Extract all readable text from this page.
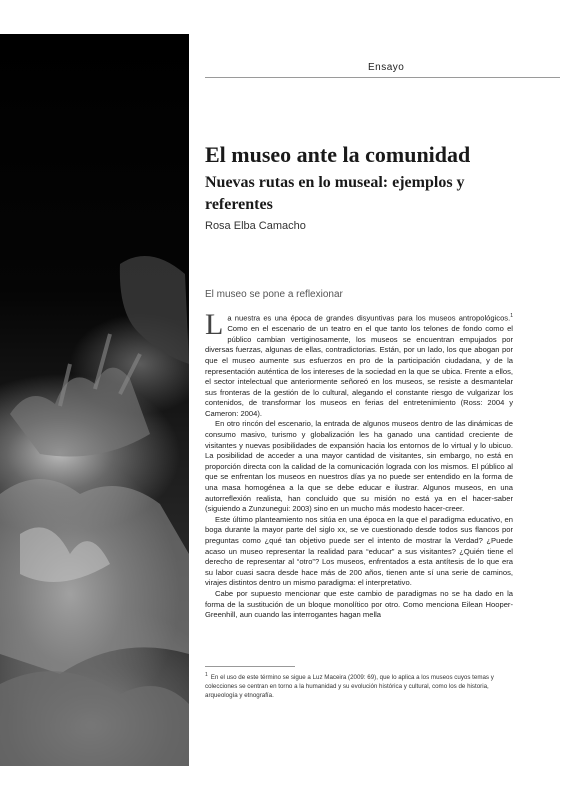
Ensayo
El museo ante la comunidad
Nuevas rutas en lo museal: ejemplos y referentes
Rosa Elba Camacho
El museo se pone a reflexionar

La nuestra es una época de grandes disyuntivas para los museos antropológicos.$^1$ Como en el escenario de un teatro en el que tanto los telones de fondo como el público cambian vertiginosamente, los museos se encuentran empujados por diversas fuerzas, algunas de ellas, contradictorias. Están, por un lado, los que abogan por que el museo aumente sus esfuerzos en pro de la participación ciudadana, y de la representación auténtica de los intereses de la sociedad en la que se ubica. Frente a ellos, el sector intelectual que anteriormente señoreó en los museos, se resiste a desmantelar sus fronteras de la gestión de lo cultural, alegando el constante riesgo de vulgarizar los contenidos, de transformar los museos en ferias del entretenimiento (Ross: 2004 y Cameron: 2004).

En otro rincón del escenario, la entrada de algunos museos dentro de las dinámicas de consumo masivo, turismo y globalización les ha ganado una cantidad creciente de visitantes y nuevas posibilidades de expansión hacia los entornos de lo virtual y lo ubicuo. La posibilidad de acceder a una mayor cantidad de visitantes, sin embargo, no está en proporción directa con la calidad de la comunicación lograda con los mismos. El público al que se enfrentan los museos en nuestros días ya no puede ser entendido en la forma de una masa homogénea a la que se debe educar e ilustrar. Algunos museos, en una autorreflexión realista, han concluido que su misión no está ya en el hacer-saber (siguiendo a Zunzunegui: 2003) sino en un mucho más modesto hacer-creer.

Este último planteamiento nos sitúa en una época en la que el paradigma educativo, en boga durante la mayor parte del siglo xx, se ve cuestionado desde todos sus flancos por preguntas como ¿qué tan objetivo puede ser el intento de mostrar la Verdad? ¿Puede acaso un museo representar la realidad para “educar” a sus visitantes? ¿Quién tiene el derecho de representar al “otro”? Los museos, enfrentados a esta antítesis de lo que era su labor cuasi sacra desde hace más de 200 años, tienen ante sí una serie de caminos, virajes distintos dentro un mismo paradigma: el interpretativo.

Cabe por supuesto mencionar que este cambio de paradigmas no se ha dado en la forma de la sustitución de un bloque monolítico por otro. Como menciona Eilean Hooper-Greenhill, aun cuando las interrogantes hagan mella

$^1$ En el uso de este término se sigue a Luz Maceira (2009: 69), que lo aplica a los museos cuyos temas y colecciones se centran en torno a la humanidad y su evolución histórica y cultural, como los de historia, arqueología y etnografía.
